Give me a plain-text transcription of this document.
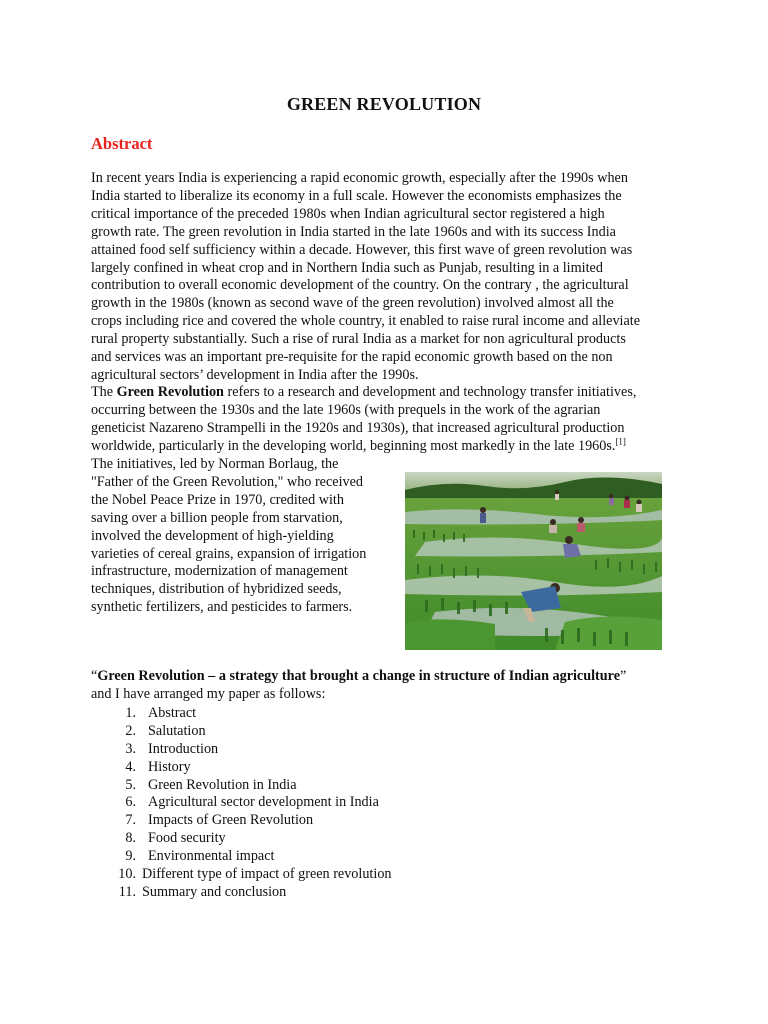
GREEN REVOLUTION
Abstract
In recent years India is experiencing a rapid economic growth, especially after the 1990s when
India started to liberalize its economy in a full scale. However the economists emphasizes the
critical importance of the preceded 1980s when Indian agricultural sector registered a high
growth rate. The green revolution in India started in the late 1960s and with its success India
attained food self sufficiency within a decade. However, this first wave of green revolution was
largely confined in wheat crop and in Northern India such as Punjab, resulting in a limited
contribution to overall economic development of the country. On the contrary , the agricultural
growth in the 1980s (known as second wave of the green revolution) involved almost all the
crops including rice and covered the whole country, it enabled to raise rural income and alleviate
rural property substantially. Such a rise of rural India as a market for non agricultural products
and services was an important pre-requisite for the rapid economic growth based on the non
agricultural sectors’ development in India after the 1990s.
The Green Revolution refers to a research and development and technology transfer initiatives,
occurring between the 1930s and the late 1960s (with prequels in the work of the agrarian
geneticist Nazareno Strampelli in the 1920s and 1930s), that increased agricultural production
worldwide, particularly in the developing world, beginning most markedly in the late 1960s.[1]
The initiatives, led by Norman Borlaug, the
"Father of the Green Revolution," who received
the Nobel Peace Prize in 1970, credited with
saving over a billion people from starvation,
involved the development of high-yielding
varieties of cereal grains, expansion of irrigation
infrastructure, modernization of management
techniques, distribution of hybridized seeds,
synthetic fertilizers, and pesticides to farmers.
“Green Revolution – a strategy that brought a change in structure of Indian agriculture”
and I have arranged my paper as follows:
1. Abstract
2. Salutation
3. Introduction
4. History
5. Green Revolution in India
6. Agricultural sector development in India
7. Impacts of Green Revolution
8. Food security
9. Environmental impact
10. Different type of impact of green revolution
11. Summary and conclusion
